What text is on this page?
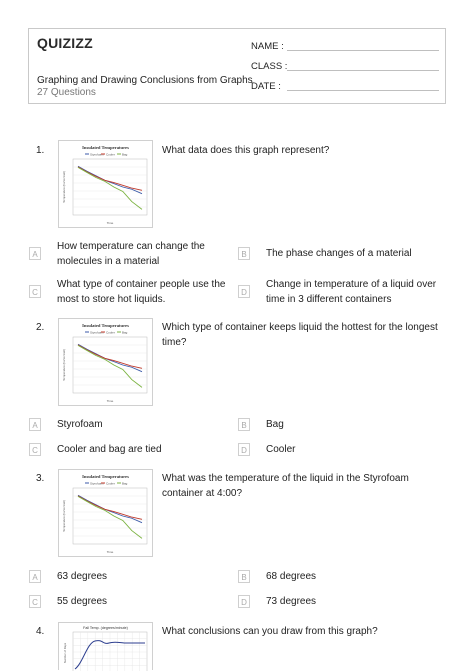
QUIZIZZ
Graphing and Drawing Conclusions from Graphs
27 Questions
NAME :
CLASS :
DATE :
1.	Insulated Temperatures
Styrofoam Cooler Bag
Time
Temperature (Fahrenheit)
What data does this graph represent?
A
How temperature can change the molecules in a material
B	The phase changes of a material
C
What type of container people use the most to store hot liquids.
D
Change in temperature of a liquid over time in 3 different containers
2.	Insulated Temperatures
Styrofoam Cooler Bag
Time
Temperature (Fahrenheit)
Which type of container keeps liquid the hottest for the longest time?
A	Styrofoam	B	Bag
C	Cooler and bag are tied	D	Cooler
3.	Insulated Temperatures
Styrofoam Cooler Bag
Time
Temperature (Fahrenheit)
What was the temperature of the liquid in the Styrofoam container at 4:00?
A	63 degrees	B	68 degrees
C	55 degrees	D	73 degrees
4.	Fall Temp. (degrees/minute)
Number of Days
What conclusions can you draw from this graph?
